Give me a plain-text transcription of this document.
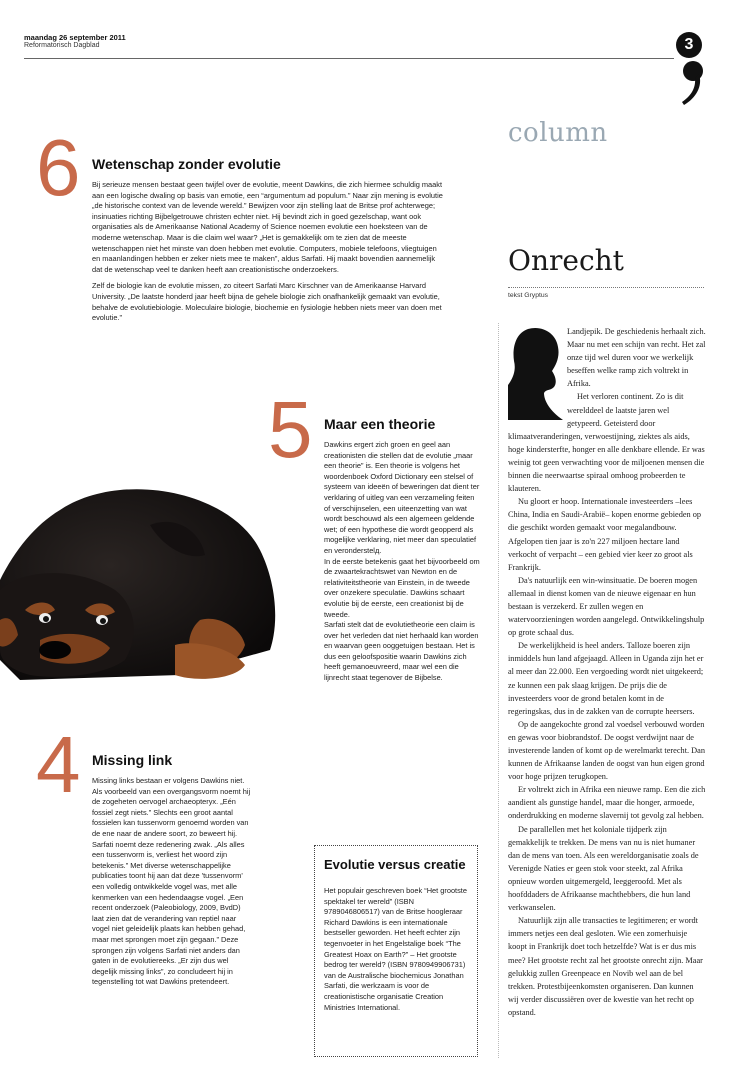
maandag 26 september 2011
Reformatorisch Dagblad	3
6 Wetenschap zonder evolutie

Bij serieuze mensen bestaat geen twijfel over de evolutie, meent Dawkins, die zich hiermee schuldig maakt aan een logische dwaling op basis van emotie, een “argumentum ad populum.” Naar zijn mening is evolutie „de historische context van de levende wereld.” Bewijzen voor zijn stelling laat de Britse prof achterwege; insinuaties richting Bijbelgetrouwe christen echter niet. Hij bevindt zich in goed gezelschap, want ook organisaties als de Amerikaanse National Academy of Science noemen evolutie een hoeksteen van de moderne wetenschap. Maar is die claim wel waar? „Het is gemakkelijk om te zien dat de meeste wetenschappen niet het minste van doen hebben met evolutie. Computers, mobiele telefoons, vliegtuigen en maanlandingen hebben er zeker niets mee te maken”, aldus Sarfati. Hij maakt bovendien aannemelijk dat de wetenschap veel te danken heeft aan creationistische onderzoekers.

Zelf de biologie kan de evolutie missen, zo citeert Sarfati Marc Kirschner van de Amerikaanse Harvard University. „De laatste honderd jaar heeft bijna de gehele biologie zich onafhankelijk gemaakt van evolutie, behalve de evolutiebiologie. Moleculaire biologie, biochemie en fysiologie hebben niets meer van doen met evolutie.”

5 Maar een theorie

Dawkins ergert zich groen en geel aan creationisten die stellen dat de evolutie „maar een theorie” is. Een theorie is volgens het woordenboek Oxford Dictionary een stelsel of systeem van ideeën of beweringen dat dient ter verklaring of uitleg van een verzameling feiten of verschijnselen, een uiteenzetting van wat wordt beschouwd als een algemeen geldende wet; of een hypothese die wordt geopperd als mogelijke verklaring, niet meer dan speculatief en veronderstelд.

In de eerste betekenis gaat het bijvoorbeeld om de zwaartekrachtswet van Newton en de relativiteitstheorie van Einstein, in de tweede over onzekere speculatie. Dawkins schaart evolutie bij de eerste, een creationist bij de tweede.

Sarfati stelt dat de evolutietheorie een claim is over het verleden dat niet herhaald kan worden en waarvan geen ooggetuigen bestaan. Het is dus een geloofspositie waarin Dawkins zich heeft gemanoeuvreerd, maar wel een die lijnrecht staat tegenover de Bijbelse.

4 Missing link

Missing links bestaan er volgens Dawkins niet. Als voorbeeld van een overgangsvorm noemt hij de zogeheten oervogel archaeopteryx. „Eén fossiel zegt niets.” Slechts een groot aantal fossielen kan tussenvorm genoemd worden van de ene naar de andere soort, zo beweert hij.

Sarfati noemt deze redenering zwak. „Als alles een tussenvorm is, verliest het woord zijn betekenis.” Met diverse wetenschappelijke publicaties toont hij aan dat deze 'tussenvorm' een volledig ontwikkelde vogel was, met alle kenmerken van een hedendaagse vogel. „Een recent onderzoek (Paleobiology, 2009, BvdD) laat zien dat de verandering van reptiel naar vogel niet geleidelijk plaats kan hebben gehad, maar met sprongen moet zijn gegaan.” Deze sprongen zijn volgens Sarfati niet anders dan gaten in de evolutiereeks. „Er zijn dus wel degelijk missing links”, zo concludeert hij in tegenstelling tot wat Dawkins pretendeert.

Evolutie versus creatie
Het populair geschreven boek “Het grootste spektakel ter wereld” (ISBN 9789046806517) van de Britse hoogleraar Richard Dawkins is een internationale bestseller geworden. Het heeft echter zijn tegenvoeter in het Engelstalige boek “The Greatest Hoax on Earth?” – Het grootste bedrog ter wereld? (ISBN 9780949906731) van de Australische biochemicus Jonathan Sarfati, die werkzaam is voor de creationistische organisatie Creation Ministries International.
column
Onrecht
tekst Gryptus

Landjepik. De geschiedenis herhaalt zich. Maar nu met een schijn van recht. Het zal onze tijd wel duren voor we werkelijk beseffen welke ramp zich voltrekt in Afrika.

Het verloren continent. Zo is dit werelddeel de laatste jaren wel getypeerd. Geteisterd door klimaatveranderingen, verwoestijning, ziektes als aids, hoge kindersterfte, honger en alle denkbare ellende. Er was weinig tot geen verwachting voor de miljoenen mensen die binnen die neerwaartse spiraal omhoog probeerden te klauteren.

Nu gloort er hoop. Internationale investeerders –lees China, India en Saudi-Arabië– kopen enorme gebieden op die geschikt worden gemaakt voor megalandbouw. Afgelopen tien jaar is zo'n 227 miljoen hectare land verkocht of verpacht – een gebied vier keer zo groot als Frankrijk.

Da's natuurlijk een win-winsituatie. De boeren mogen allemaal in dienst komen van de nieuwe eigenaar en hun bestaan is verzekerd. Er zullen wegen en watervoorzieningen worden aangelegd. Ontwikkelingshulp op grote schaal dus.

De werkelijkheid is heel anders. Talloze boeren zijn inmiddels hun land afgejaagd. Alleen in Uganda zijn het er al meer dan 22.000. Een vergoeding wordt niet uitgekeerd; ze kunnen een pak slaag krijgen. De prijs die de investeerders voor de grond betalen komt in de regeringskas, dus in de zakken van de corrupte heersers.

Op de aangekochte grond zal voedsel verbouwd worden en gewas voor biobrandstof. De oogst verdwijnt naar de investerende landen of komt op de werelmarkt terecht. Dan kunnen de Afrikaanse landen de oogst van hun eigen grond voor hoge prijzen terugkopen.

Er voltrekt zich in Afrika een nieuwe ramp. Een die zich aandient als gunstige handel, maar die honger, armoede, onderdrukking en moderne slavernij tot gevolg zal hebben.

De parallellen met het koloniale tijdperk zijn gemakkelijk te trekken. De mens van nu is niet humaner dan de mens van toen. Als een wereldorganisatie zoals de Verenigde Naties er geen stok voor steekt, zal Afrika opnieuw worden uitgemergeld, leeggeroofd. Met als hoofddaders de Afrikaanse machthebbers, die hun land verkwanselen.

Natuurlijk zijn alle transacties te legitimeren; er wordt immers netjes een deal gesloten. Wie een zomerhuisje koopt in Frankrijk doet toch hetzelfde? Wat is er dus mis mee? Het grootste recht zal het grootste onrecht zijn. Maar gelukkig zullen Greenpeace en Novib wel aan de bel trekken. Protestbijeenkomsten organiseren. Dan kunnen wij verder discussiëren over de kwestie van het recht op opstand.
